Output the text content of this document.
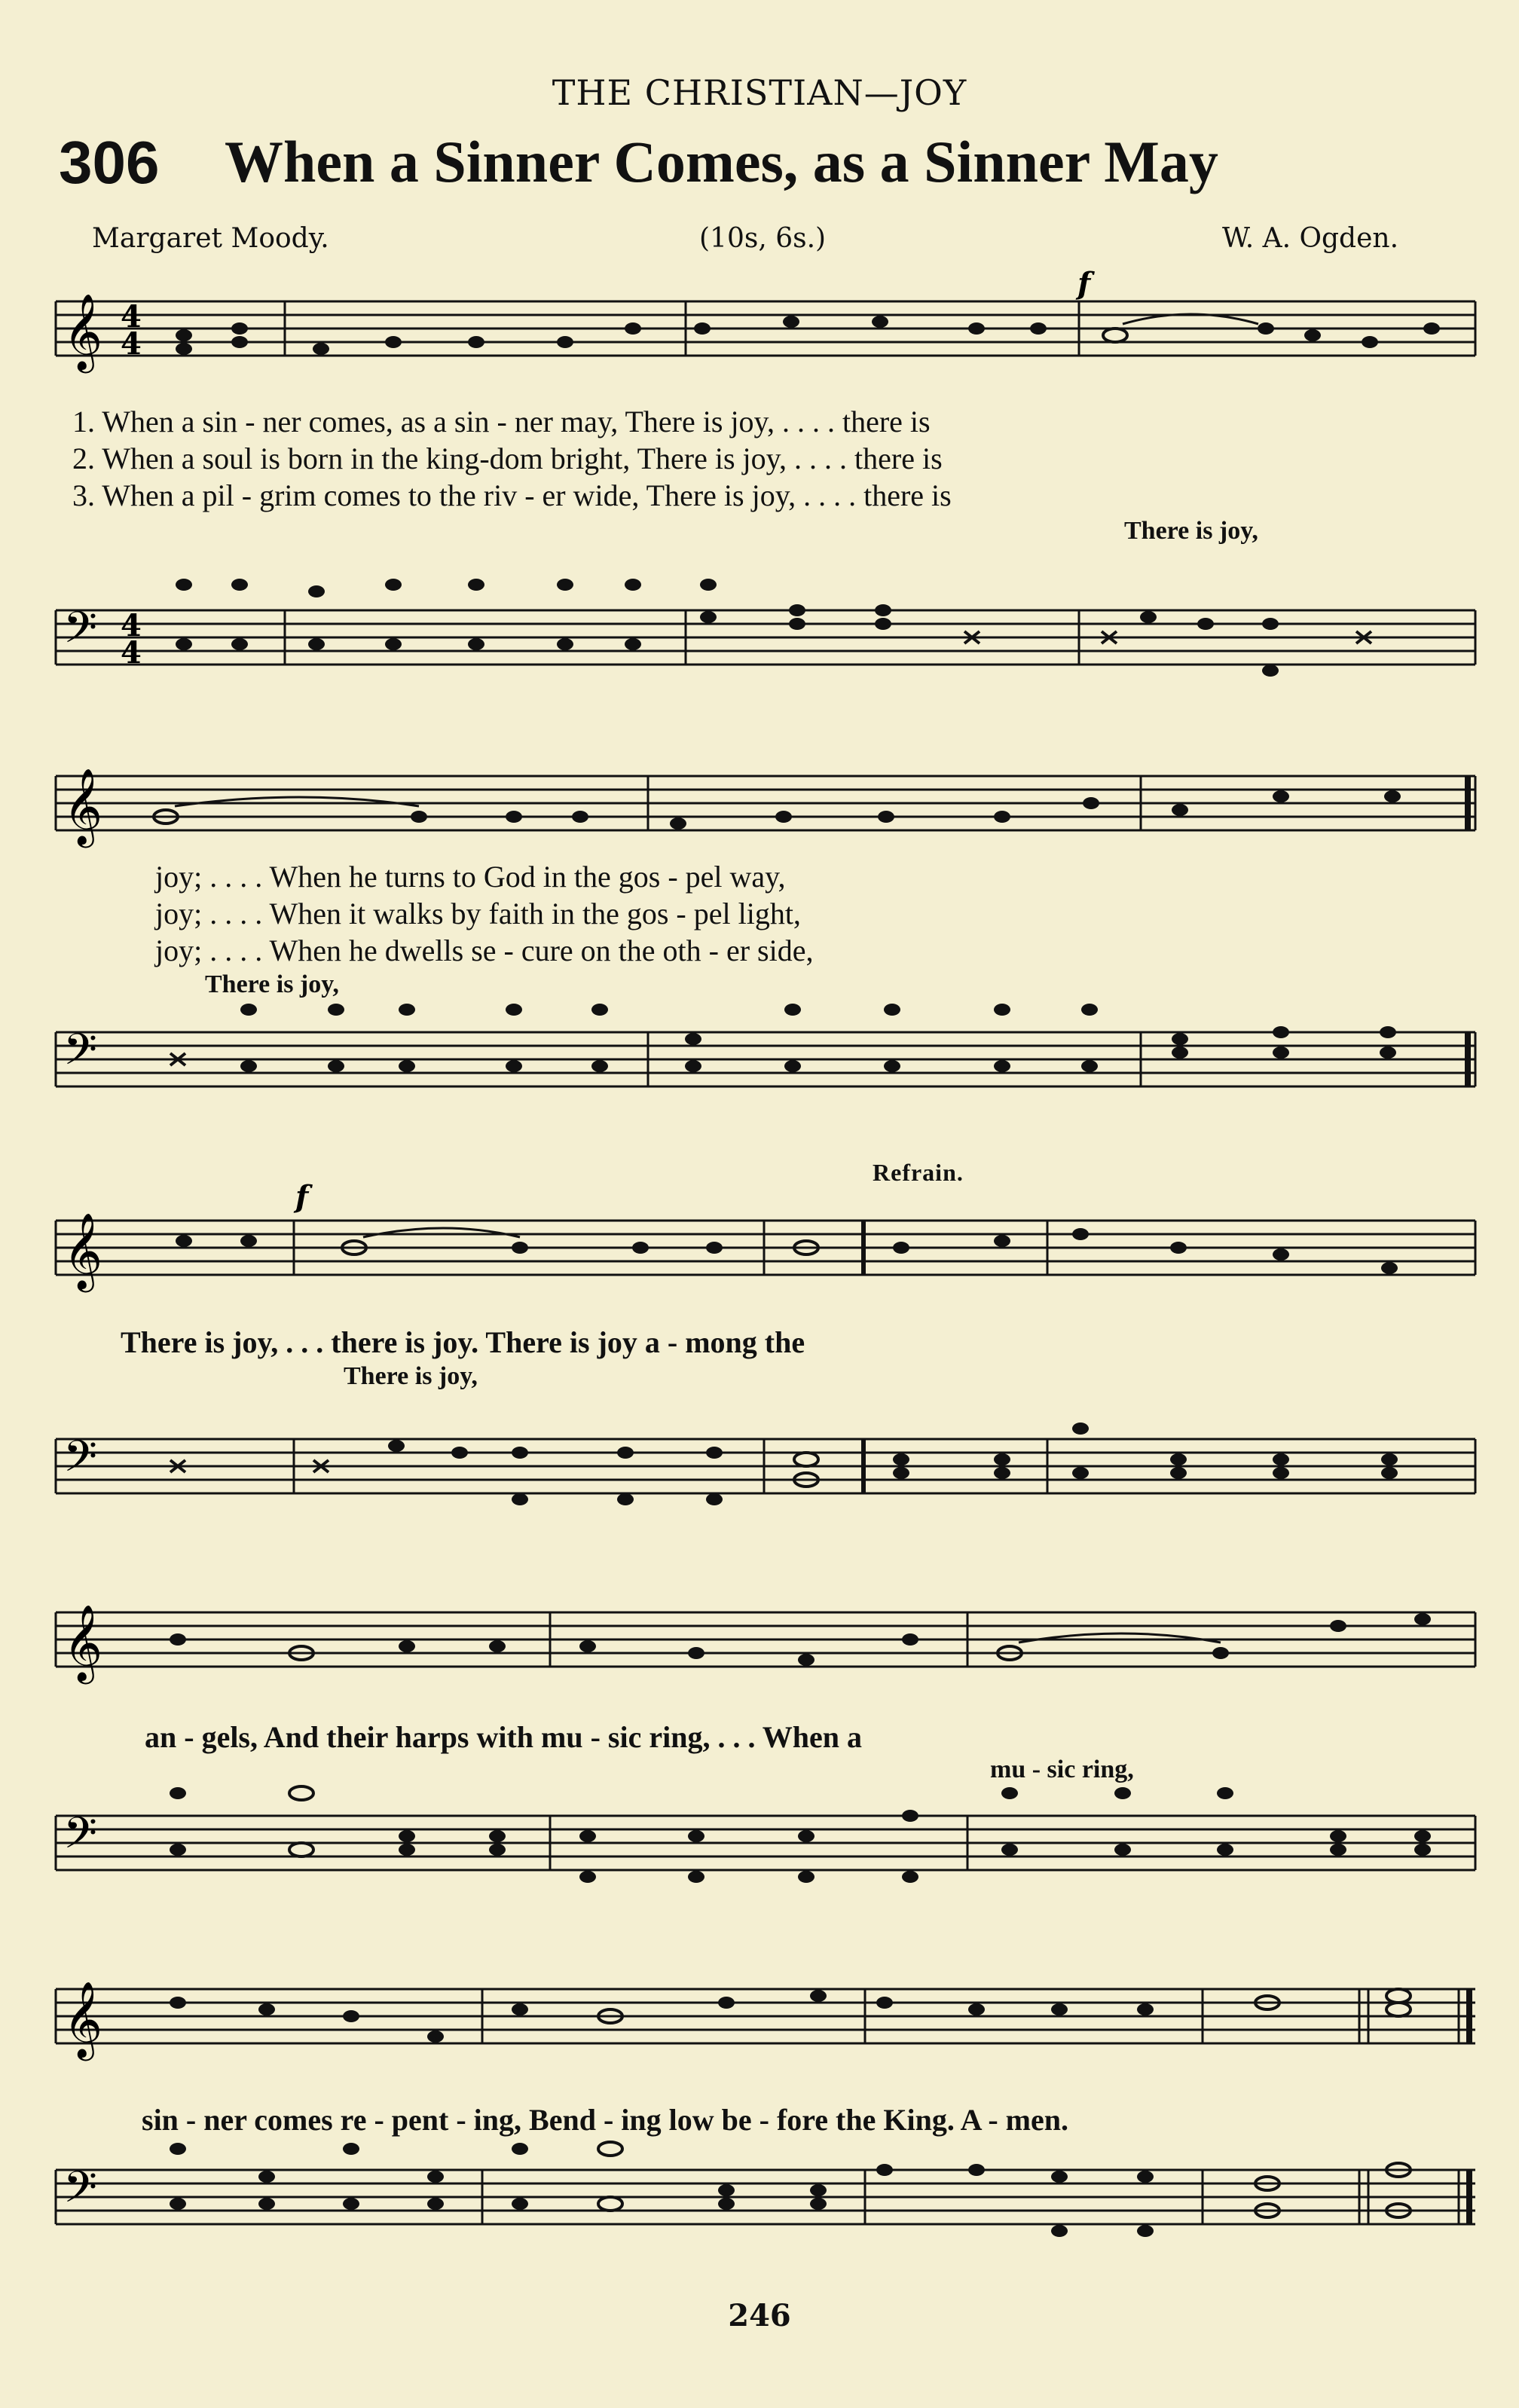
THE CHRISTIAN—JOY
306 When a Sinner Comes, as a Sinner May
Margaret Moody.	(10s, 6s.)	W. A. Ogden.
𝄞 4
4
f
1. When a sin - ner comes, as a sin - ner may, There is joy, . . . . there is
2. When a soul is born in the king-dom bright, There is joy, . . . . there is
3. When a pil - grim comes to the riv - er wide, There is joy, . . . . there is
There is joy,
𝄢 4
4
𝄞
joy; . . . . When he turns to God in the gos - pel way,
joy; . . . . When it walks by faith in the gos - pel light,
joy; . . . . When he dwells se - cure on the oth - er side,
There is joy,
𝄢
Refrain.
𝄞
f
There is joy, . . . there is joy. There is joy a - mong the
There is joy,
𝄢
𝄞
an - gels, And their harps with mu - sic ring, . . . When a
mu - sic ring,
𝄢
𝄞
sin - ner comes re - pent - ing, Bend - ing low be - fore the King. A - men.
𝄢
246
